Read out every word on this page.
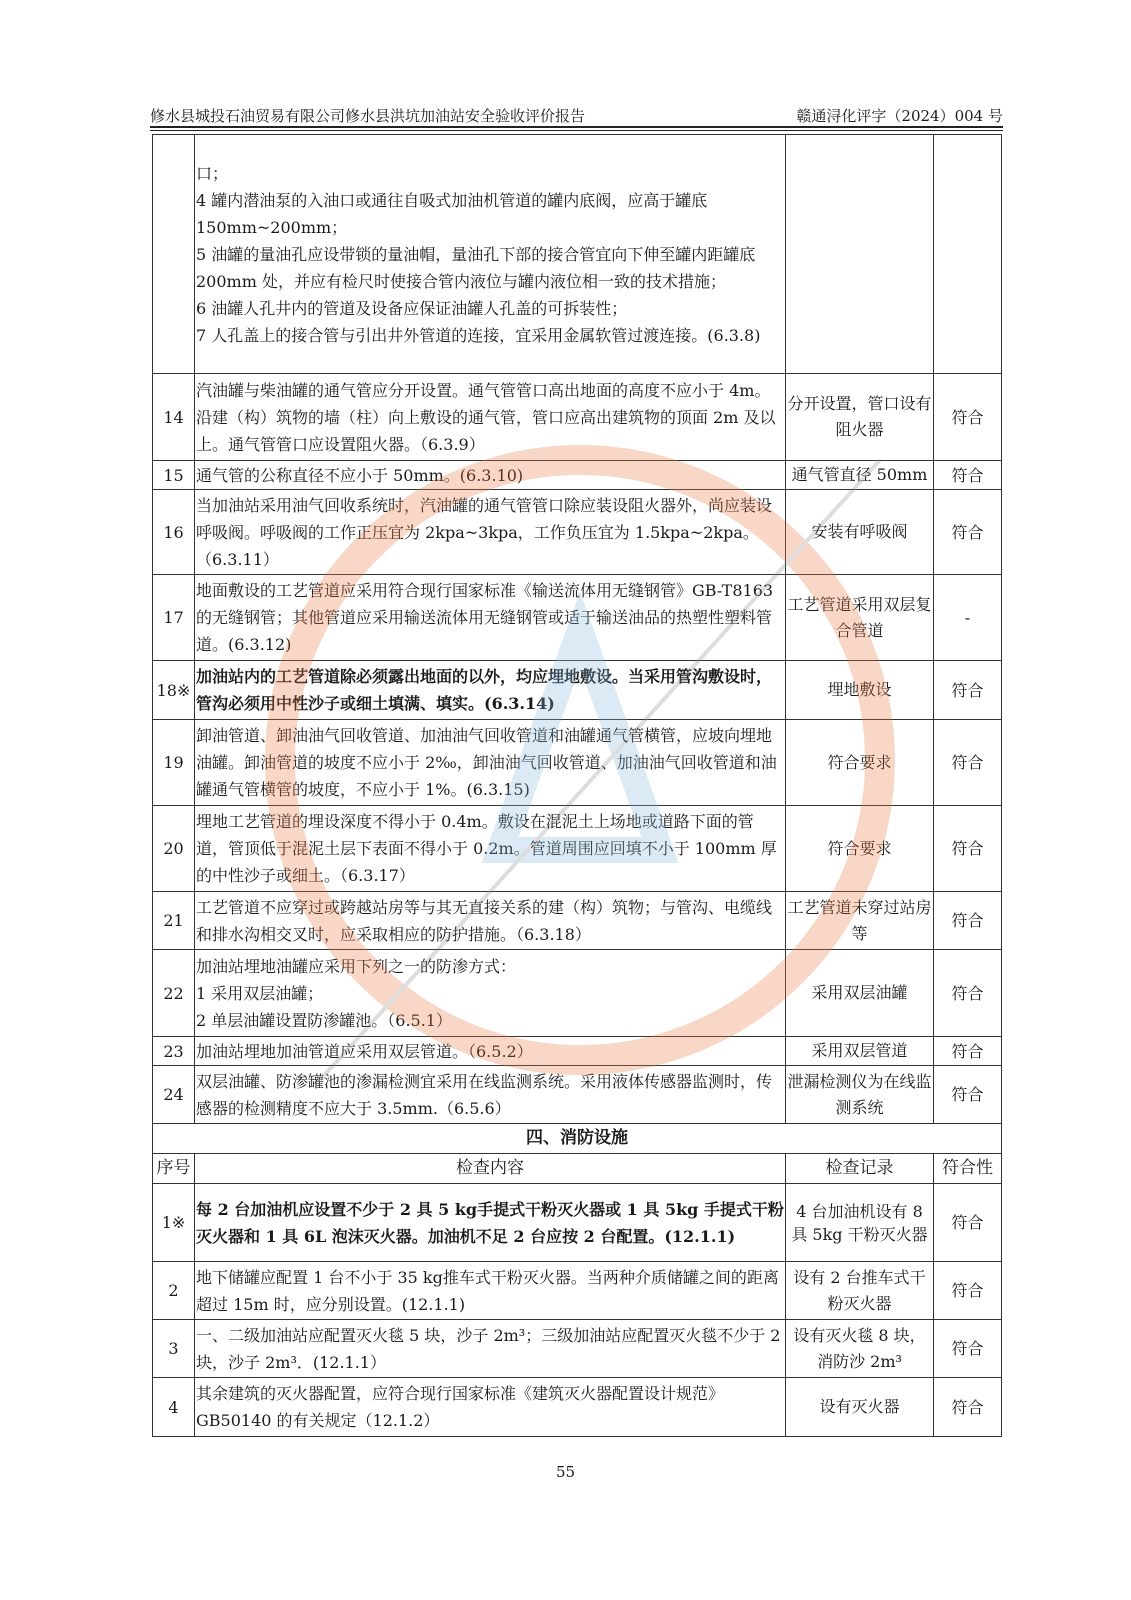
修水县城投石油贸易有限公司修水县洪坑加油站安全验收评价报告	赣通浔化评字（2024）004 号

	口；
4 罐内潜油泵的入油口或通往自吸式加油机管道的罐内底阀，应高于罐底 150mm~200mm；
5 油罐的量油孔应设带锁的量油帽，量油孔下部的接合管宜向下伸至罐内距罐底 200mm 处，并应有检尺时使接合管内液位与罐内液位相一致的技术措施；
6 油罐人孔井内的管道及设备应保证油罐人孔盖的可拆装性；
7 人孔盖上的接合管与引出井外管道的连接，宜采用金属软管过渡连接。(6.3.8)		

14	汽油罐与柴油罐的通气管应分开设置。通气管管口高出地面的高度不应小于 4m。沿建（构）筑物的墙（柱）向上敷设的通气管，管口应高出建筑物的顶面 2m 及以上。通气管管口应设置阻火器。（6.3.9）	分开设置，管口设有阻火器	符合
15	通气管的公称直径不应小于 50mm。(6.3.10)	通气管直径 50mm	符合
16	当加油站采用油气回收系统时，汽油罐的通气管管口除应装设阻火器外，尚应装设呼吸阀。呼吸阀的工作正压宜为 2kpa~3kpa，工作负压宜为 1.5kpa~2kpa。（6.3.11）	安装有呼吸阀	符合
17	地面敷设的工艺管道应采用符合现行国家标准《输送流体用无缝钢管》GB-T8163 的无缝钢管；其他管道应采用输送流体用无缝钢管或适于输送油品的热塑性塑料管道。(6.3.12)	工艺管道采用双层复合管道	-
18※	加油站内的工艺管道除必须露出地面的以外，均应埋地敷设。当采用管沟敷设时，管沟必须用中性沙子或细土填满、填实。(6.3.14)	埋地敷设	符合
19	卸油管道、卸油油气回收管道、加油油气回收管道和油罐通气管横管，应坡向埋地油罐。卸油管道的坡度不应小于 2‰，卸油油气回收管道、加油油气回收管道和油罐通气管横管的坡度，不应小于 1%。(6.3.15)	符合要求	符合
20	埋地工艺管道的埋设深度不得小于 0.4m。敷设在混泥土上场地或道路下面的管道，管顶低于混泥土层下表面不得小于 0.2m。管道周围应回填不小于 100mm 厚的中性沙子或细土。（6.3.17）	符合要求	符合
21	工艺管道不应穿过或跨越站房等与其无直接关系的建（构）筑物；与管沟、电缆线和排水沟相交叉时，应采取相应的防护措施。（6.3.18）	工艺管道未穿过站房等	符合
22	加油站埋地油罐应采用下列之一的防渗方式：
1 采用双层油罐；
2 单层油罐设置防渗罐池。（6.5.1）	采用双层油罐	符合
23	加油站埋地加油管道应采用双层管道。（6.5.2）	采用双层管道	符合
24	双层油罐、防渗罐池的渗漏检测宜采用在线监测系统。采用液体传感器监测时，传感器的检测精度不应大于 3.5mm.（6.5.6）	泄漏检测仪为在线监测系统	符合
四、消防设施			
序号	检查内容	检查记录	符合性
1※	每 2 台加油机应设置不少于 2 具 5 kg手提式干粉灭火器或 1 具 5kg 手提式干粉灭火器和 1 具 6L 泡沫灭火器。加油机不足 2 台应按 2 台配置。(12.1.1)	4 台加油机设有 8 具 5kg 干粉灭火器	符合
2	地下储罐应配置 1 台不小于 35 kg推车式干粉灭火器。当两种介质储罐之间的距离超过 15m 时，应分别设置。(12.1.1)	设有 2 台推车式干粉灭火器	符合
3	一、二级加油站应配置灭火毯 5 块，沙子 2m³；三级加油站应配置灭火毯不少于 2 块，沙子 2m³．(12.1.1）	设有灭火毯 8 块，消防沙 2m³	符合
4	其余建筑的灭火器配置，应符合现行国家标准《建筑灭火器配置设计规范》GB50140 的有关规定（12.1.2）	设有灭火器	符合
55
